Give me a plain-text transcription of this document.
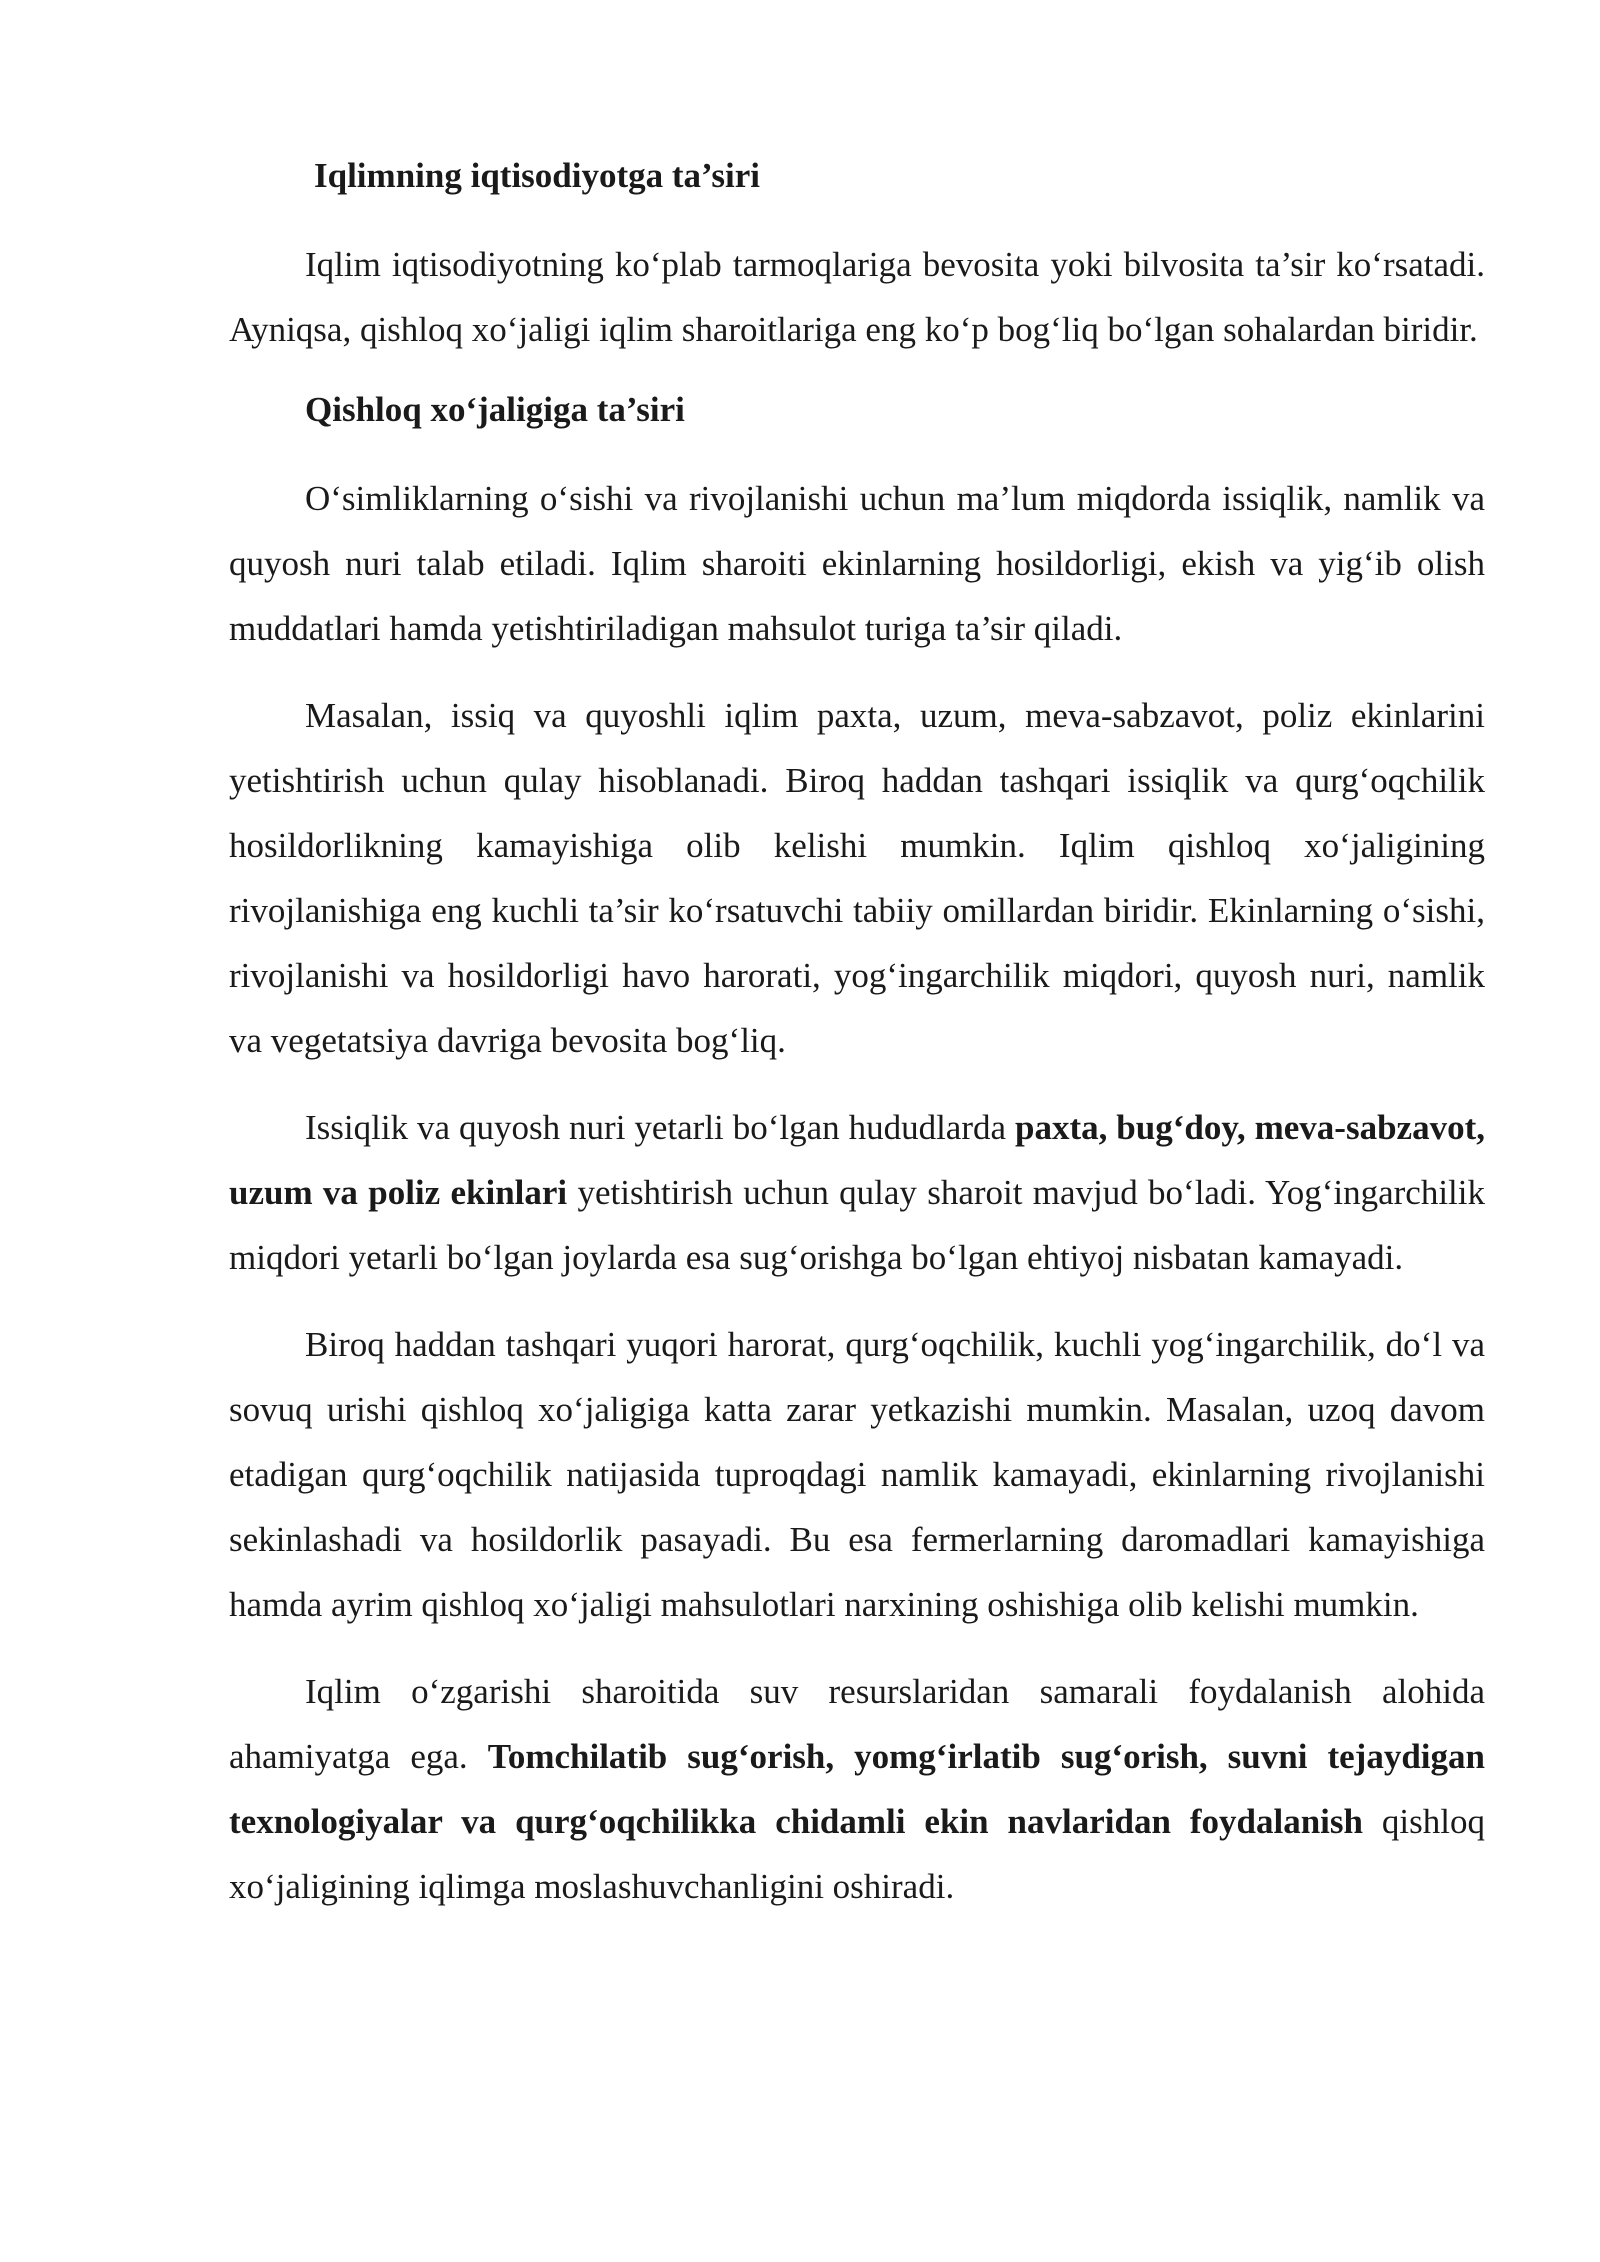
Iqlimning iqtisodiyotga ta’siri

Iqlim iqtisodiyotning ko‘plab tarmoqlariga bevosita yoki bilvosita ta’sir ko‘rsatadi. Ayniqsa, qishloq xo‘jaligi iqlim sharoitlariga eng ko‘p bog‘liq bo‘lgan sohalardan biridir.

Qishloq xo‘jaligiga ta’siri

O‘simliklarning o‘sishi va rivojlanishi uchun ma’lum miqdorda issiqlik, namlik va quyosh nuri talab etiladi. Iqlim sharoiti ekinlarning hosildorligi, ekish va yig‘ib olish muddatlari hamda yetishtiriladigan mahsulot turiga ta’sir qiladi.

Masalan, issiq va quyoshli iqlim paxta, uzum, meva-sabzavot, poliz ekinlarini yetishtirish uchun qulay hisoblanadi. Biroq haddan tashqari issiqlik va qurg‘oqchilik hosildorlikning kamayishiga olib kelishi mumkin. Iqlim qishloq xo‘jaligining rivojlanishiga eng kuchli ta’sir ko‘rsatuvchi tabiiy omillardan biridir. Ekinlarning o‘sishi, rivojlanishi va hosildorligi havo harorati, yog‘ingarchilik miqdori, quyosh nuri, namlik va vegetatsiya davriga bevosita bog‘liq.

Issiqlik va quyosh nuri yetarli bo‘lgan hududlarda paxta, bug‘doy, meva-sabzavot, uzum va poliz ekinlari yetishtirish uchun qulay sharoit mavjud bo‘ladi. Yog‘ingarchilik miqdori yetarli bo‘lgan joylarda esa sug‘orishga bo‘lgan ehtiyoj nisbatan kamayadi.

Biroq haddan tashqari yuqori harorat, qurg‘oqchilik, kuchli yog‘ingarchilik, do‘l va sovuq urishi qishloq xo‘jaligiga katta zarar yetkazishi mumkin. Masalan, uzoq davom etadigan qurg‘oqchilik natijasida tuproqdagi namlik kamayadi, ekinlarning rivojlanishi sekinlashadi va hosildorlik pasayadi. Bu esa fermerlarning daromadlari kamayishiga hamda ayrim qishloq xo‘jaligi mahsulotlari narxining oshishiga olib kelishi mumkin.

Iqlim o‘zgarishi sharoitida suv resurslaridan samarali foydalanish alohida ahamiyatga ega. Tomchilatib sug‘orish, yomg‘irlatib sug‘orish, suvni tejaydigan texnologiyalar va qurg‘oqchilikka chidamli ekin navlaridan foydalanish qishloq xo‘jaligining iqlimga moslashuvchanligini oshiradi.
